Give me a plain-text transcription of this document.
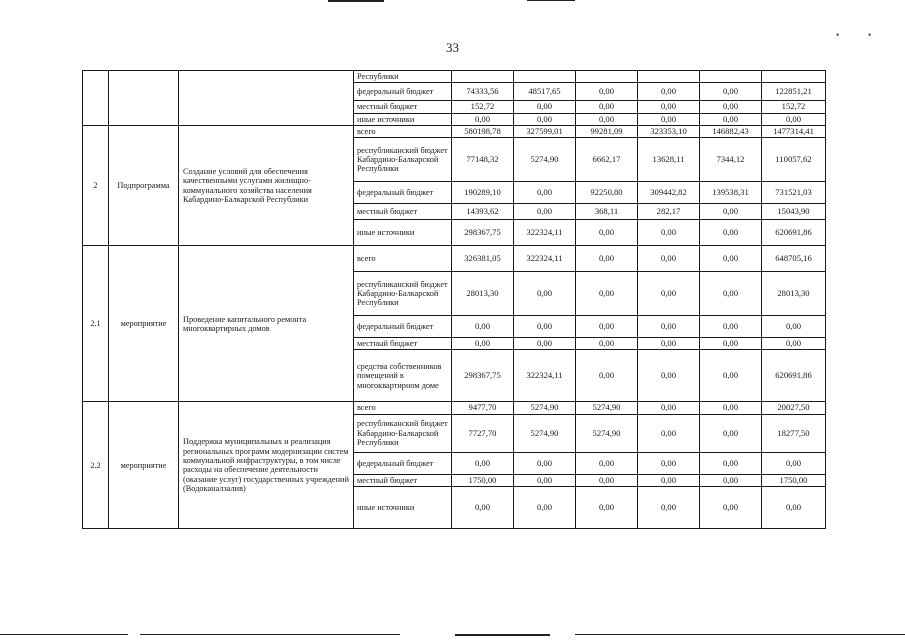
•	•
33
			Республики						
			федеральный бюджет	74333,56	48517,65	0,00	0,00	0,00	122851,21
			местный бюджет	152,72	0,00	0,00	0,00	0,00	152,72
			иные источники	0,00	0,00	0,00	0,00	0,00	0,00
2	Подпрограмма	Создание условий для обеспечения качественными услугами жилищно-коммунального хозяйства населения Кабардино-Балкарской Республики	всего	580198,78	327599,01	99281,09	323353,10	146882,43	1477314,41
			республиканский бюджет Кабардино-Балкарской Республики	77148,32	5274,90	6662,17	13628,11	7344,12	110057,62
			федеральный бюджет	190289,10	0,00	92250,80	309442,82	139538,31	731521,03
			местный бюджет	14393,62	0,00	368,11	282,17	0,00	15043,90
			иные источники	298367,75	322324,11	0,00	0,00	0,00	620691,86
2.1	мероприятие	Проведение капитального ремонта многоквартирных домов	всего	326381,05	322324,11	0,00	0,00	0,00	648705,16
			республиканский бюджет Кабардино-Балкарской Республики	28013,30	0,00	0,00	0,00	0,00	28013,30
			федеральный бюджет	0,00	0,00	0,00	0,00	0,00	0,00
			местный бюджет	0,00	0,00	0,00	0,00	0,00	0,00
			средства собственников помещений в многоквартирном доме	298367,75	322324,11	0,00	0,00	0,00	620691,86
2.2	мероприятие	Поддержка муниципальных и реализация региональных программ модернизации систем коммунальной инфраструктуры, в том числе расходы на обеспечение деятельности (оказание услуг) государственных учреждений (Водоканалзалив)	всего	9477,70	5274,90	5274,90	0,00	0,00	20027,50
			республиканский бюджет Кабардино-Балкарской Республики	7727,70	5274,90	5274,90	0,00	0,00	18277,50
			федеральный бюджет	0,00	0,00	0,00	0,00	0,00	0,00
			местный бюджет	1750,00	0,00	0,00	0,00	0,00	1750,00
			иные источники	0,00	0,00	0,00	0,00	0,00	0,00
